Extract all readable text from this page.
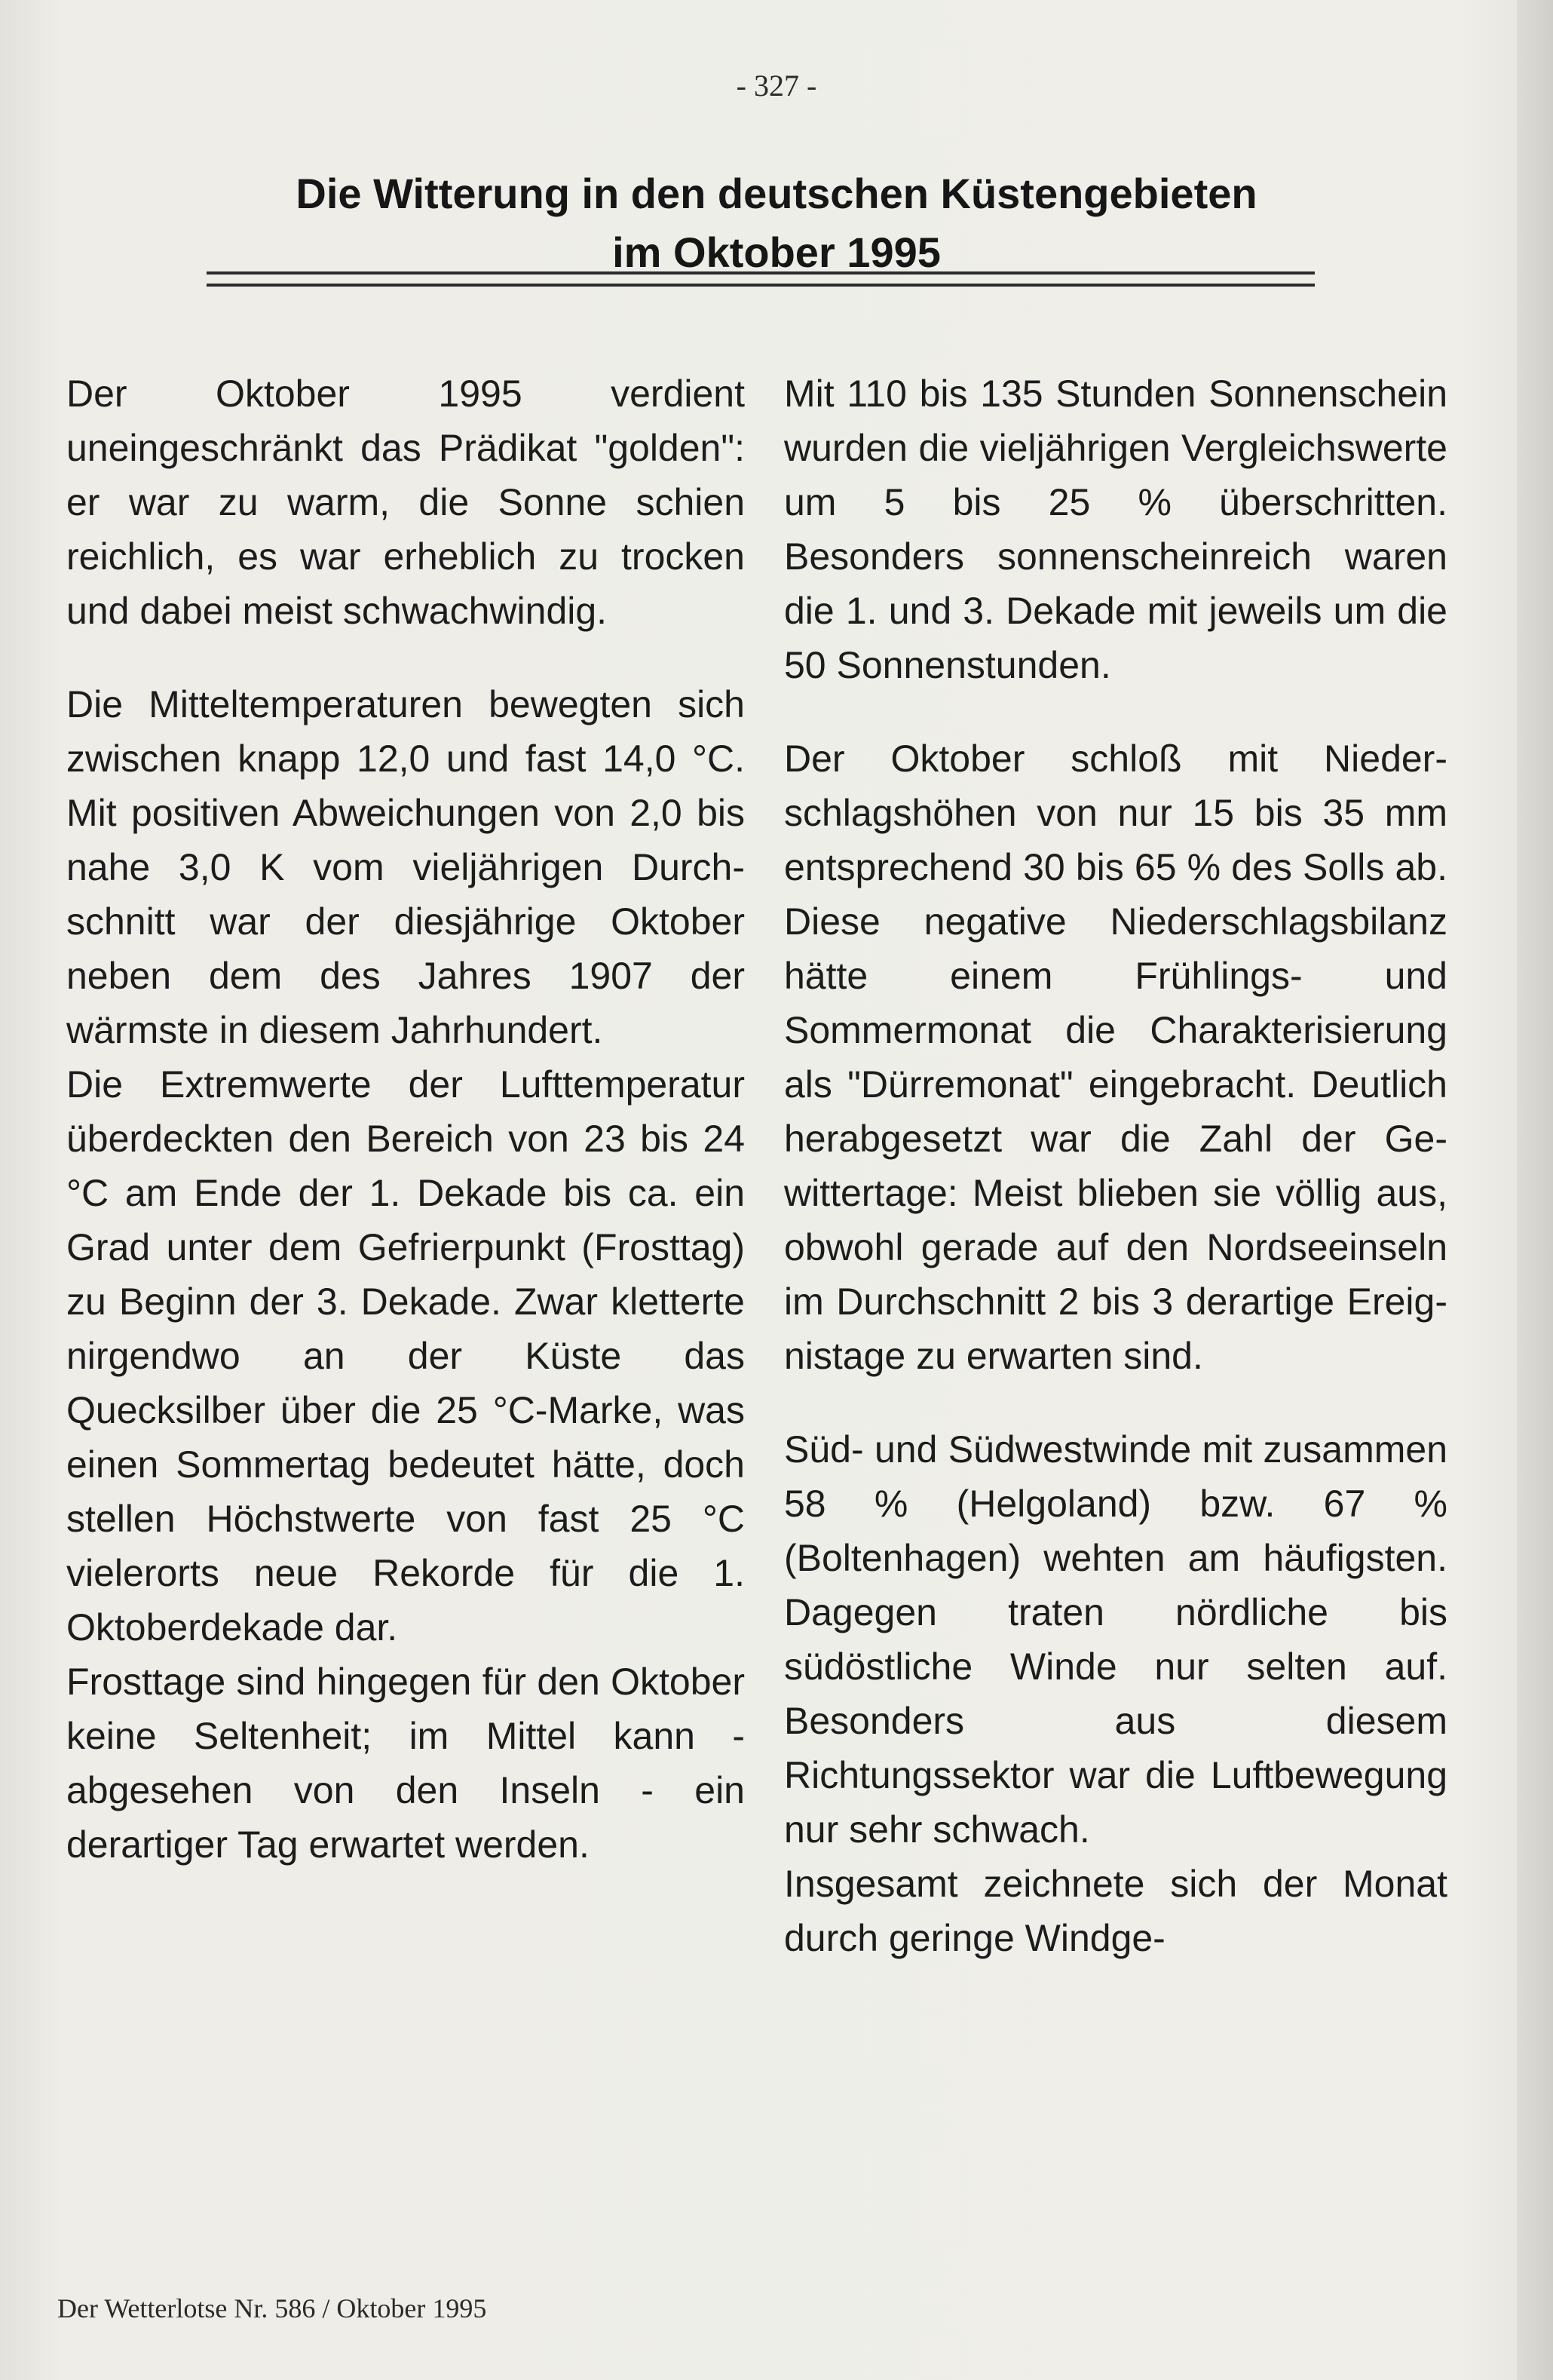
- 327 -
Die Witterung in den deutschen Küstengebieten
im Oktober 1995

Der Oktober 1995 verdient uneingeschränkt das Prädikat "golden": er war zu warm, die Sonne schien reichlich, es war erheblich zu trocken und dabei meist schwachwindig.

Die Mitteltemperaturen bewegten sich zwischen knapp 12,0 und fast 14,0 °C. Mit positiven Abweichungen von 2,0 bis nahe 3,0 K vom vieljährigen Durchschnitt war der diesjährige Oktober neben dem des Jahres 1907 der wärmste in diesem Jahrhundert.

Die Extremwerte der Lufttemperatur überdeckten den Bereich von 23 bis 24 °C am Ende der 1. Dekade bis ca. ein Grad unter dem Gefrierpunkt (Frosttag) zu Beginn der 3. Dekade. Zwar kletterte nirgendwo an der Küste das Quecksilber über die 25 °C-Marke, was einen Sommertag bedeutet hätte, doch stellen Höchstwerte von fast 25 °C vielerorts neue Rekorde für die 1. Oktoberdekade dar.

Frosttage sind hingegen für den Oktober keine Seltenheit; im Mittel kann - abgesehen von den Inseln - ein derartiger Tag erwartet werden.

Mit 110 bis 135 Stunden Sonnenschein wurden die vieljährigen Vergleichswerte um 5 bis 25 % überschritten. Besonders sonnenscheinreich waren die 1. und 3. Dekade mit jeweils um die 50 Sonnenstunden.

Der Oktober schloß mit Niederschlagshöhen von nur 15 bis 35 mm entsprechend 30 bis 65 % des Solls ab. Diese negative Niederschlagsbilanz hätte einem Frühlings- und Sommermonat die Charakterisierung als "Dürremonat" eingebracht. Deutlich herabgesetzt war die Zahl der Gewittertage: Meist blieben sie völlig aus, obwohl gerade auf den Nordseeinseln im Durchschnitt 2 bis 3 derartige Ereignistage zu erwarten sind.

Süd- und Südwestwinde mit zusammen 58 % (Helgoland) bzw. 67 % (Boltenhagen) wehten am häufigsten. Dagegen traten nördliche bis südöstliche Winde nur selten auf. Besonders aus diesem Richtungssektor war die Luftbewegung nur sehr schwach.

Insgesamt zeichnete sich der Monat durch geringe Windge-

Der Wetterlotse Nr. 586 / Oktober 1995
